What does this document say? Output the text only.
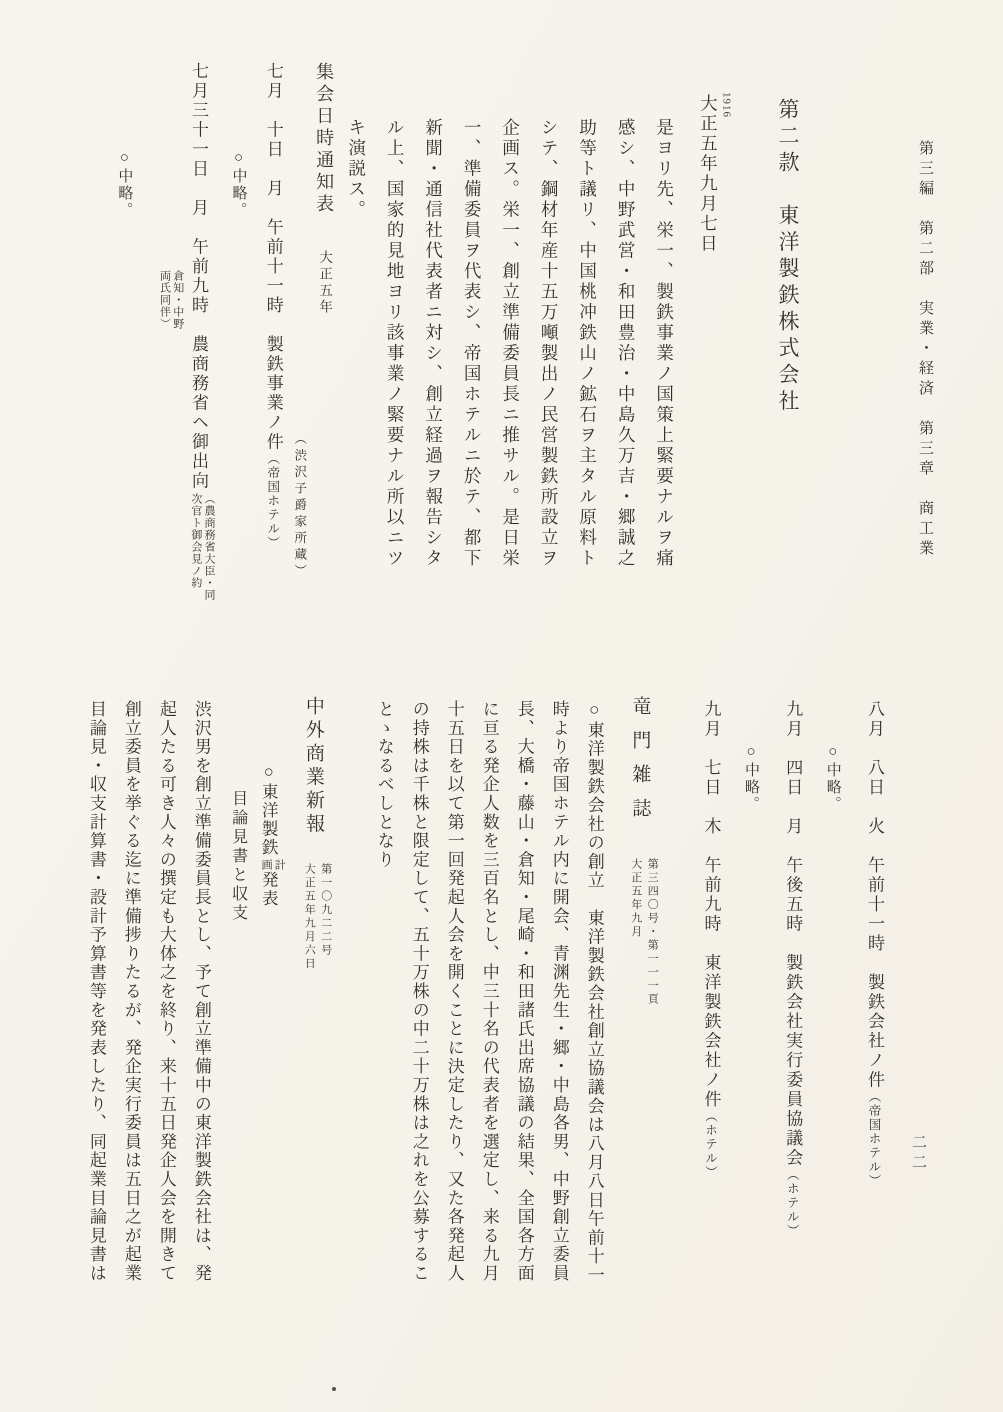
第三編　第二部　実業・経済　第三章　商工業
第二款　東洋製鉄株式会社
1916
大正五年九月七日
是ヨリ先、栄一、製鉄事業ノ国策上緊要ナルヲ痛
感シ、中野武営・和田豊治・中島久万吉・郷誠之
助等ト議リ、中国桃冲鉄山ノ鉱石ヲ主タル原料ト
シテ、鋼材年産十五万噸製出ノ民営製鉄所設立ヲ
企画ス。栄一、創立準備委員長ニ推サル。是日栄
一、準備委員ヲ代表シ、帝国ホテルニ於テ、都下
新聞・通信社代表者ニ対シ、創立経過ヲ報告シタ
ル上、国家的見地ヨリ該事業ノ緊要ナル所以ニツ
キ演説ス。
集会日時通知表大正五年
（渋沢子爵家所蔵）
七月　十日　月　午前十一時　製鉄事業ノ件（帝国ホテル）
○中略。
七月三十一日　月　午前九時　農商務省ヘ御出向
（農商務省大臣・同
次官ト御会見ノ約
倉知・中野
両氏同伴）
○中略。
八月　八日　火　午前十一時　製鉄会社ノ件（帝国ホテル）
○中略。
九月　四日　月　午後五時　製鉄会社実行委員協議会（ホテル）
○中略。
九月　七日　木　午前九時　東洋製鉄会社ノ件（ホテル）
竜門雑誌
第三四〇号・第一一一頁
大正五年九月
○東洋製鉄会社の創立　東洋製鉄会社創立協議会は八月八日午前十一
時より帝国ホテル内に開会、青渊先生・郷・中島各男、中野創立委員
長、大橋・藤山・倉知・尾崎・和田諸氏出席協議の結果、全国各方面
に亘る発企人数を三百名とし、中三十名の代表者を選定し、来る九月
十五日を以て第一回発起人会を開くことに決定したり、又た各発起人
の持株は千株と限定して、五十万株の中二十万株は之れを公募するこ
とゝなるべしとなり
中外商業新報
第一〇九二二号
大正五年九月六日
○東洋製鉄
計
画
発表
目論見書と収支
渋沢男を創立準備委員長とし、予て創立準備中の東洋製鉄会社は、発
起人たる可き人々の撰定も大体之を終り、来十五日発企人会を開きて
創立委員を挙ぐる迄に準備捗りたるが、発企実行委員は五日之が起業
目論見・収支計算書・設計予算書等を発表したり、同起業目論見書は	二二
